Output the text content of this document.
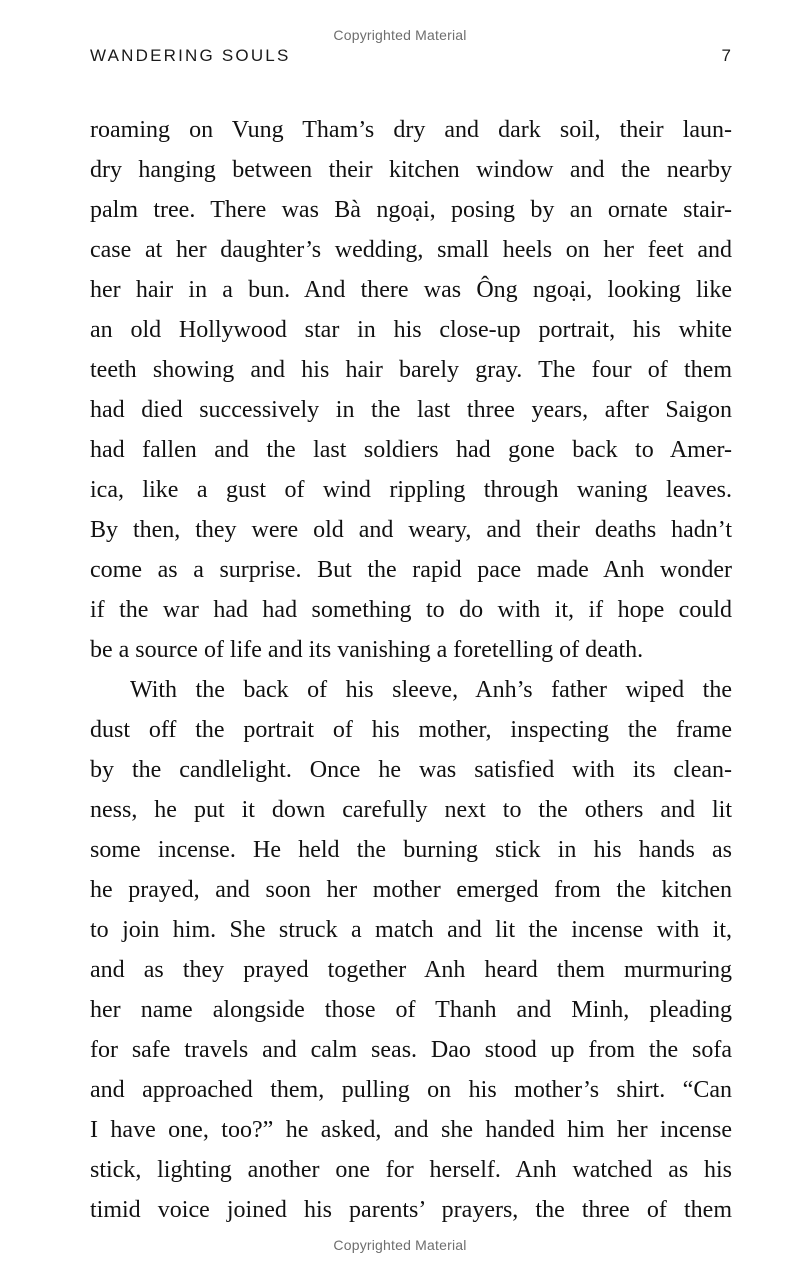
Copyrighted Material
WANDERING SOULS	7
roaming on Vung Tham’s dry and dark soil, their laun-
dry hanging between their kitchen window and the nearby
palm tree. There was Bà ngoại, posing by an ornate stair-
case at her daughter’s wedding, small heels on her feet and
her hair in a bun. And there was Ông ngoại, looking like
an old Hollywood star in his close-up portrait, his white
teeth showing and his hair barely gray. The four of them
had died successively in the last three years, after Saigon
had fallen and the last soldiers had gone back to Amer-
ica, like a gust of wind rippling through waning leaves.
By then, they were old and weary, and their deaths hadn’t
come as a surprise. But the rapid pace made Anh wonder
if the war had had something to do with it, if hope could
be a source of life and its vanishing a foretelling of death.
With the back of his sleeve, Anh’s father wiped the
dust off the portrait of his mother, inspecting the frame
by the candlelight. Once he was satisfied with its clean-
ness, he put it down carefully next to the others and lit
some incense. He held the burning stick in his hands as
he prayed, and soon her mother emerged from the kitchen
to join him. She struck a match and lit the incense with it,
and as they prayed together Anh heard them murmuring
her name alongside those of Thanh and Minh, pleading
for safe travels and calm seas. Dao stood up from the sofa
and approached them, pulling on his mother’s shirt. “Can
I have one, too?” he asked, and she handed him her incense
stick, lighting another one for herself. Anh watched as his
timid voice joined his parents’ prayers, the three of them
Copyrighted Material
